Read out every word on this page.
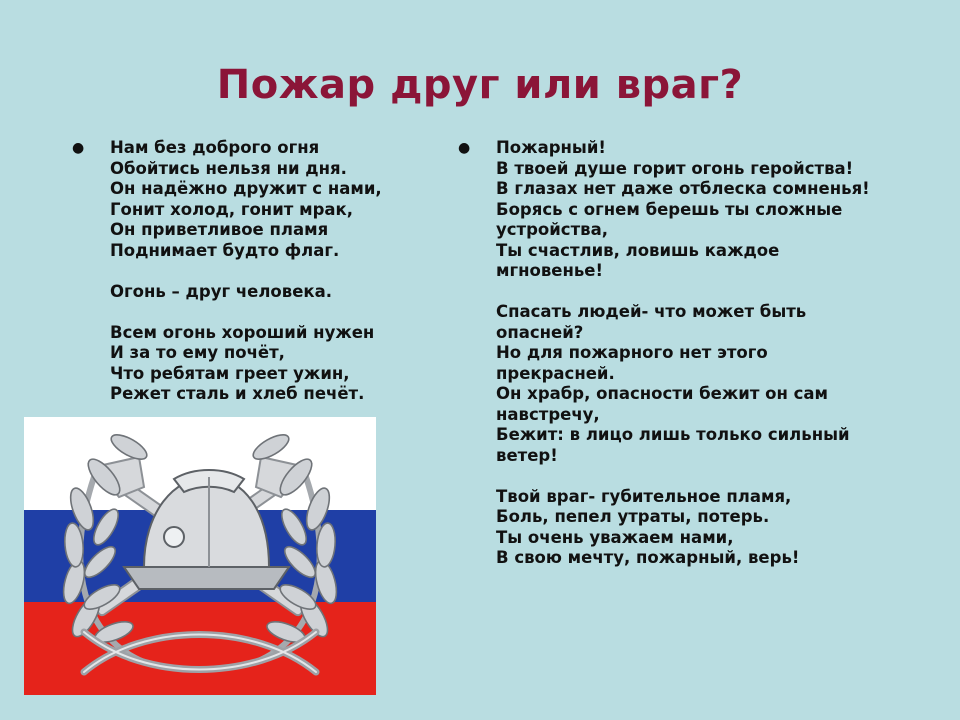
Пожар друг или враг?
● Нам без доброго огня
Обойтись нельзя ни дня.
Он надёжно дружит с нами,
Гонит холод, гонит мрак,
Он приветливое пламя
Поднимает будто флаг.

Огонь – друг человека.

Всем огонь хороший нужен
И за то ему почёт,
Что ребятам греет ужин,
Режет сталь и хлеб печёт.
● Пожарный!
В твоей душе горит огонь геройства!
В глазах нет даже отблеска сомненья!
Борясь с огнем берешь ты сложные
устройства,
Ты счастлив, ловишь каждое
мгновенье!

Спасать людей- что может быть
опасней?
Но для пожарного нет этого
прекрасней.
Он храбр, опасности бежит он сам
навстречу,
Бежит: в лицо лишь только сильный
ветер!

Твой враг- губительное пламя,
Боль, пепел утраты, потерь.
Ты очень уважаем нами,
В свою мечту, пожарный, верь!
